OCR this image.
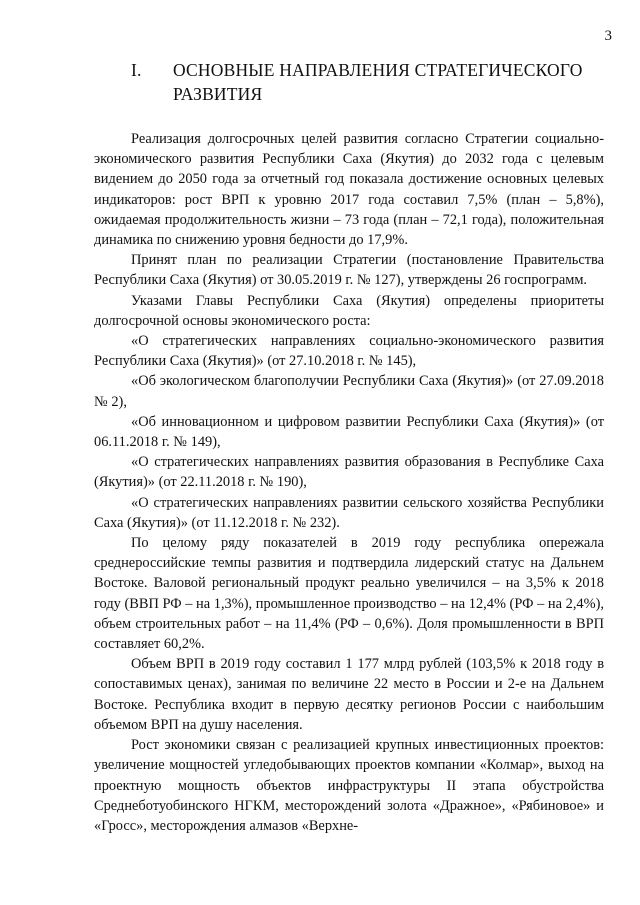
3
I. ОСНОВНЫЕ НАПРАВЛЕНИЯ СТРАТЕГИЧЕСКОГО РАЗВИТИЯ

Реализация долгосрочных целей развития согласно Стратегии социально-экономического развития Республики Саха (Якутия) до 2032 года с целевым видением до 2050 года за отчетный год показала достижение основных целевых индикаторов: рост ВРП к уровню 2017 года составил 7,5% (план – 5,8%), ожидаемая продолжительность жизни – 73 года (план – 72,1 года), положительная динамика по снижению уровня бедности до 17,9%.

Принят план по реализации Стратегии (постановление Правительства Республики Саха (Якутия) от 30.05.2019 г. № 127), утверждены 26 госпрограмм.

Указами Главы Республики Саха (Якутия) определены приоритеты долгосрочной основы экономического роста:

«О стратегических направлениях социально-экономического развития Республики Саха (Якутия)» (от 27.10.2018 г. № 145),

«Об экологическом благополучии Республики Саха (Якутия)» (от 27.09.2018 № 2),

«Об инновационном и цифровом развитии Республики Саха (Якутия)» (от 06.11.2018 г. № 149),

«О стратегических направлениях развития образования в Республике Саха (Якутия)» (от 22.11.2018 г. № 190),

«О стратегических направлениях развитии сельского хозяйства Республики Саха (Якутия)» (от 11.12.2018 г. № 232).

По целому ряду показателей в 2019 году республика опережала среднероссийские темпы развития и подтвердила лидерский статус на Дальнем Востоке. Валовой региональный продукт реально увеличился – на 3,5% к 2018 году (ВВП РФ – на 1,3%), промышленное производство – на 12,4% (РФ – на 2,4%), объем строительных работ – на 11,4% (РФ – 0,6%). Доля промышленности в ВРП составляет 60,2%.

Объем ВРП в 2019 году составил 1 177 млрд рублей (103,5% к 2018 году в сопоставимых ценах), занимая по величине 22 место в России и 2-е на Дальнем Востоке. Республика входит в первую десятку регионов России с наибольшим объемом ВРП на душу населения.

Рост экономики связан с реализацией крупных инвестиционных проектов: увеличение мощностей угледобывающих проектов компании «Колмар», выход на проектную мощность объектов инфраструктуры II этапа обустройства Среднеботуобинского НГКМ, месторождений золота «Дражное», «Рябиновое» и «Гросс», месторождения алмазов «Верхне-
